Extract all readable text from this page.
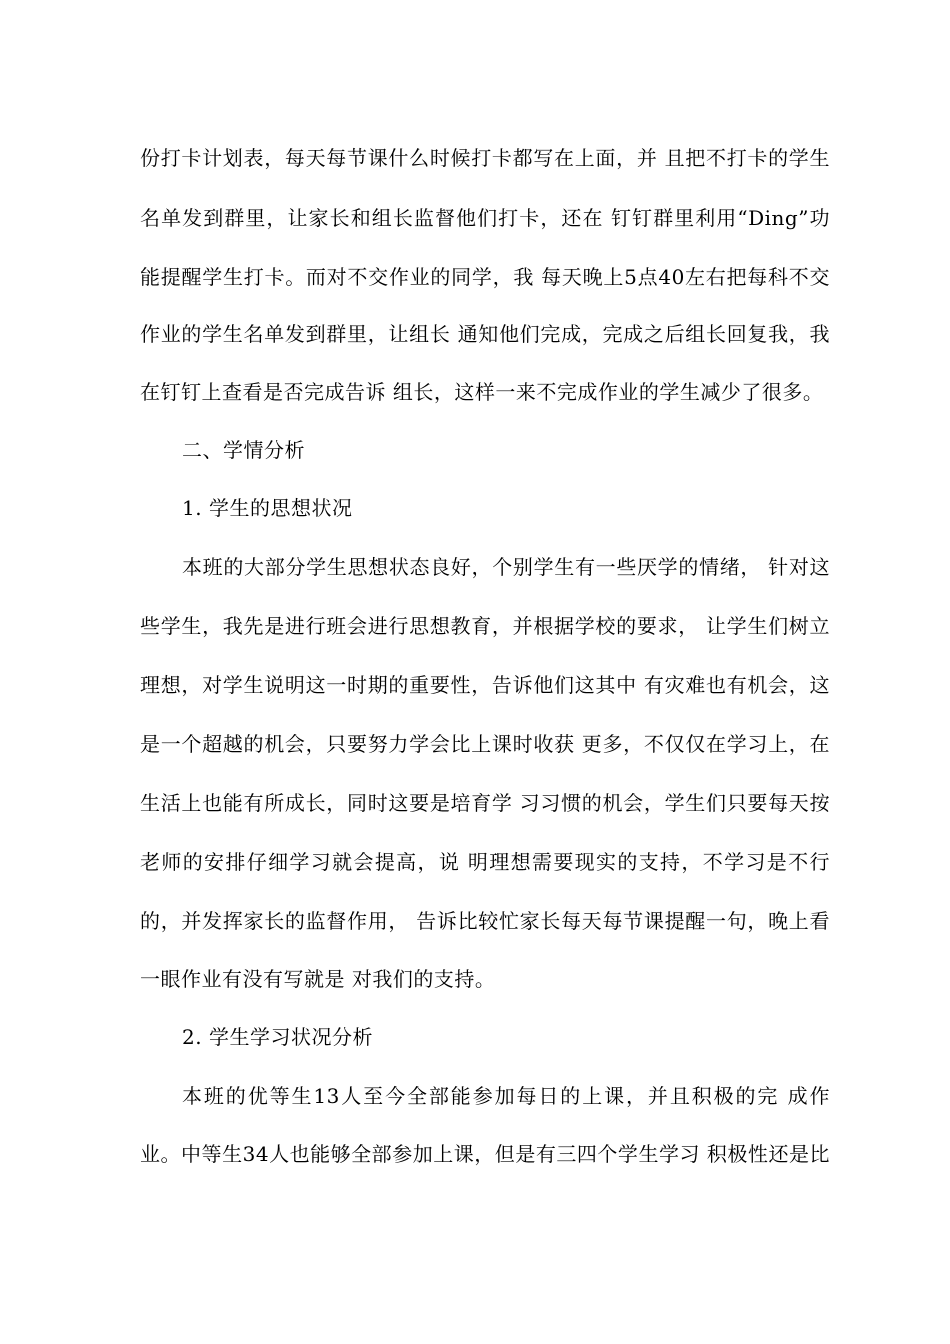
份打卡计划表，每天每节课什么时候打卡都写在上面，并 且把不打卡的学生
名单发到群里，让家长和组长监督他们打卡，还在 钉钉群里利用“Ding”功
能提醒学生打卡。而对不交作业的同学，我 每天晚上5点40左右把每科不交
作业的学生名单发到群里，让组长 通知他们完成，完成之后组长回复我，我
在钉钉上查看是否完成告诉 组长，这样一来不完成作业的学生减少了很多。
二、学情分析
1. 学生的思想状况
本班的大部分学生思想状态良好，个别学生有一些厌学的情绪， 针对这
些学生，我先是进行班会进行思想教育，并根据学校的要求， 让学生们树立
理想，对学生说明这一时期的重要性，告诉他们这其中 有灾难也有机会，这
是一个超越的机会，只要努力学会比上课时收获 更多，不仅仅在学习上，在
生活上也能有所成长，同时这要是培育学 习习惯的机会，学生们只要每天按
老师的安排仔细学习就会提高，说 明理想需要现实的支持，不学习是不行
的，并发挥家长的监督作用， 告诉比较忙家长每天每节课提醒一句，晚上看
一眼作业有没有写就是 对我们的支持。
2. 学生学习状况分析
本班的优等生13人至今全部能参加每日的上课，并且积极的完 成作
业。中等生34人也能够全部参加上课，但是有三四个学生学习 积极性还是比
